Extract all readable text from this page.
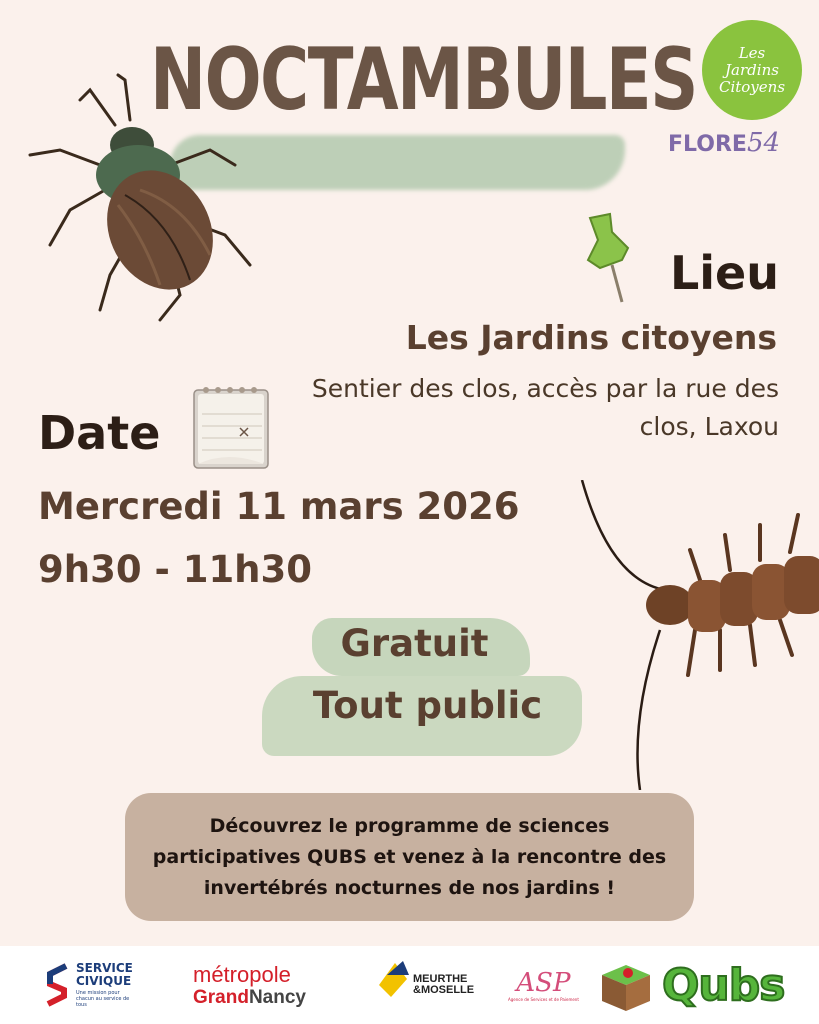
NOCTAMBULES	Les Jardins Citoyens
FLORE54
Lieu
Les Jardins citoyens
Sentier des clos, accès par la rue des clos, Laxou
Date
Mercredi 11 mars 2026
9h30 - 11h30
Gratuit
Tout public

Découvrez le programme de sciences participatives QUBS et venez à la rencontre des invertébrés nocturnes de nos jardins !

SERVICE
CIVIQUE
Une mission pour chacun au service de tous
métropole
GrandNancy
MEURTHE
&MOSELLE ASP
Agence de Services et de Paiement Qubs
